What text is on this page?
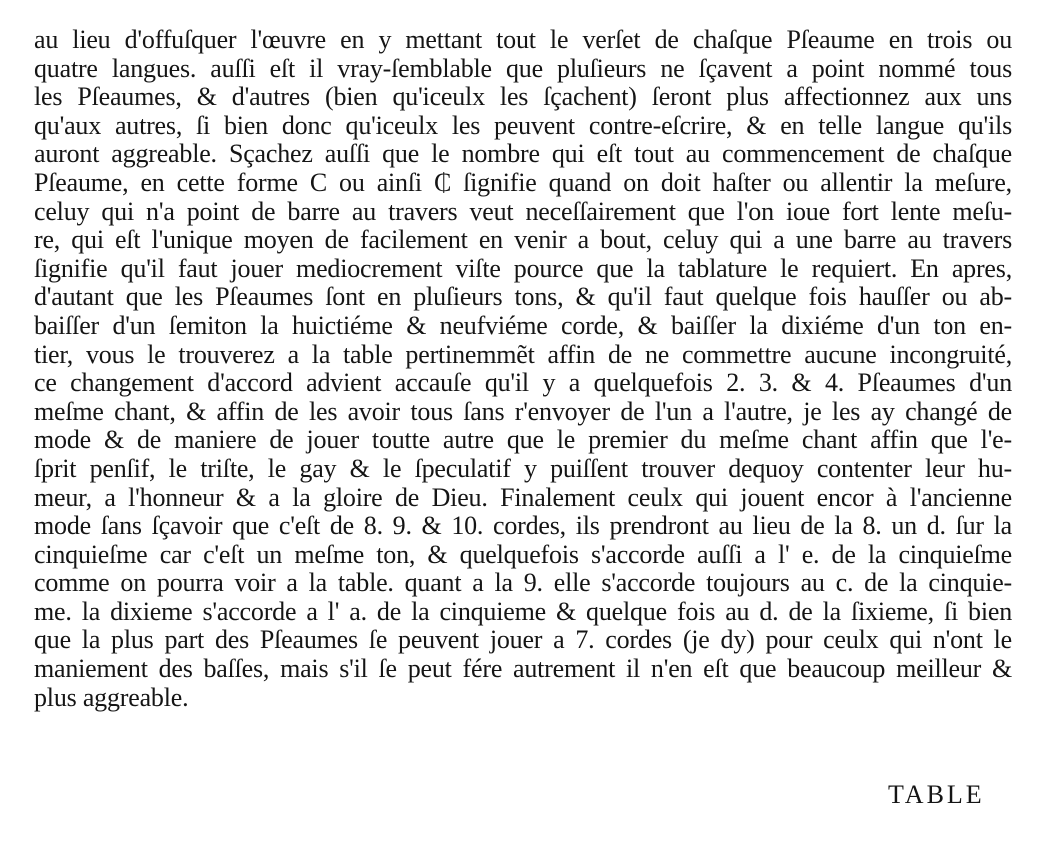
au lieu d'offuſquer l'œuvre en y mettant tout le verſet de chaſque Pſeaume en trois ou
quatre langues. auſſi eſt il vray-ſemblable que pluſieurs ne ſçavent a point nommé tous
les Pſeaumes, & d'autres (bien qu'iceulx les ſçachent) ſeront plus affectionnez aux uns
qu'aux autres, ſi bien donc qu'iceulx les peuvent contre-eſcrire, & en telle langue qu'ils
auront aggreable. Sçachez auſſi que le nombre qui eſt tout au commencement de chaſque
Pſeaume, en cette forme C ou ainſi ₵ ſignifie quand on doit haſter ou allentir la meſure,
celuy qui n'a point de barre au travers veut neceſſairement que l'on ioue fort lente meſu-
re, qui eſt l'unique moyen de facilement en venir a bout, celuy qui a une barre au travers
ſignifie qu'il faut jouer mediocrement viſte pource que la tablature le requiert. En apres,
d'autant que les Pſeaumes ſont en pluſieurs tons, & qu'il faut quelque fois hauſſer ou ab-
baiſſer d'un ſemiton la huictiéme & neufviéme corde, & baiſſer la dixiéme d'un ton en-
tier, vous le trouverez a la table pertinemmẽt affin de ne commettre aucune incongruité,
ce changement d'accord advient accauſe qu'il y a quelquefois 2. 3. & 4. Pſeaumes d'un
meſme chant, & affin de les avoir tous ſans r'envoyer de l'un a l'autre, je les ay changé de
mode & de maniere de jouer toutte autre que le premier du meſme chant affin que l'e-
ſprit penſif, le triſte, le gay & le ſpeculatif y puiſſent trouver dequoy contenter leur hu-
meur, a l'honneur & a la gloire de Dieu. Finalement ceulx qui jouent encor à l'ancienne
mode ſans ſçavoir que c'eſt de 8. 9. & 10. cordes, ils prendront au lieu de la 8. un d. ſur la
cinquieſme car c'eſt un meſme ton, & quelquefois s'accorde auſſi a l' e. de la cinquieſme
comme on pourra voir a la table. quant a la 9. elle s'accorde toujours au c. de la cinquie-
me. la dixieme s'accorde a l' a. de la cinquieme & quelque fois au d. de la ſixieme, ſi bien
que la plus part des Pſeaumes ſe peuvent jouer a 7. cordes (je dy) pour ceulx qui n'ont le
maniement des baſſes, mais s'il ſe peut fére autrement il n'en eſt que beaucoup meilleur &
plus aggreable.
TABLE
